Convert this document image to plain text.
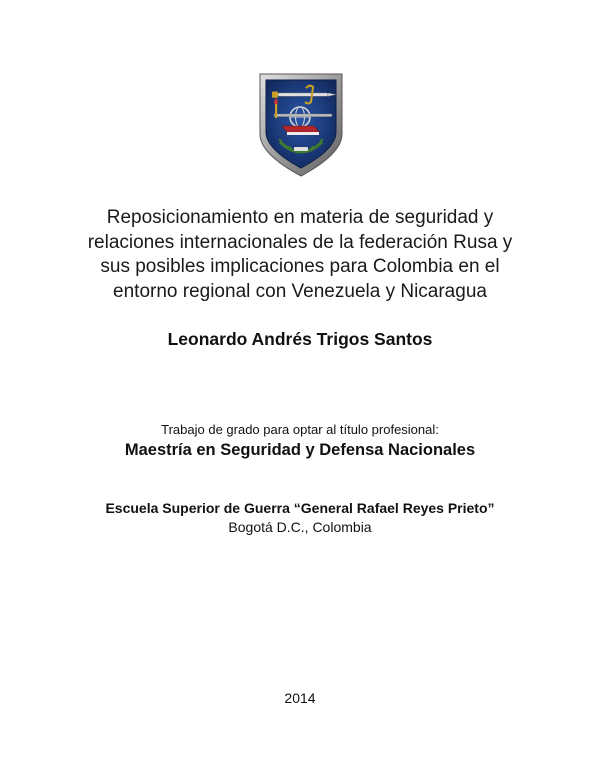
Reposicionamiento en materia de seguridad y
relaciones internacionales de la federación Rusa y
sus posibles implicaciones para Colombia en el
entorno regional con Venezuela y Nicaragua
Leonardo Andrés Trigos Santos
Trabajo de grado para optar al título profesional:
Maestría en Seguridad y Defensa Nacionales
Escuela Superior de Guerra “General Rafael Reyes Prieto”
Bogotá D.C., Colombia
2014
